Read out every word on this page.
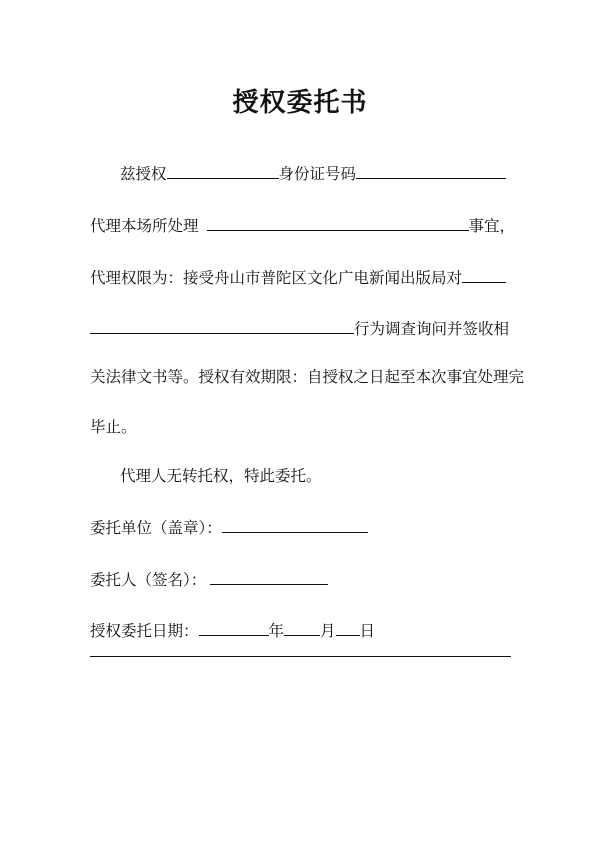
授权委托书
兹授权	身份证号码
代理本场所处理	事宜，
代理权限为：接受舟山市普陀区文化广电新闻出版局对
行为调查询问并签收相
关法律文书等。授权有效期限：自授权之日起至本次事宜处理完
毕止。
代理人无转托权，特此委托。
委托单位（盖章）：
委托人（签名）：
授权委托日期：	年 月 日
